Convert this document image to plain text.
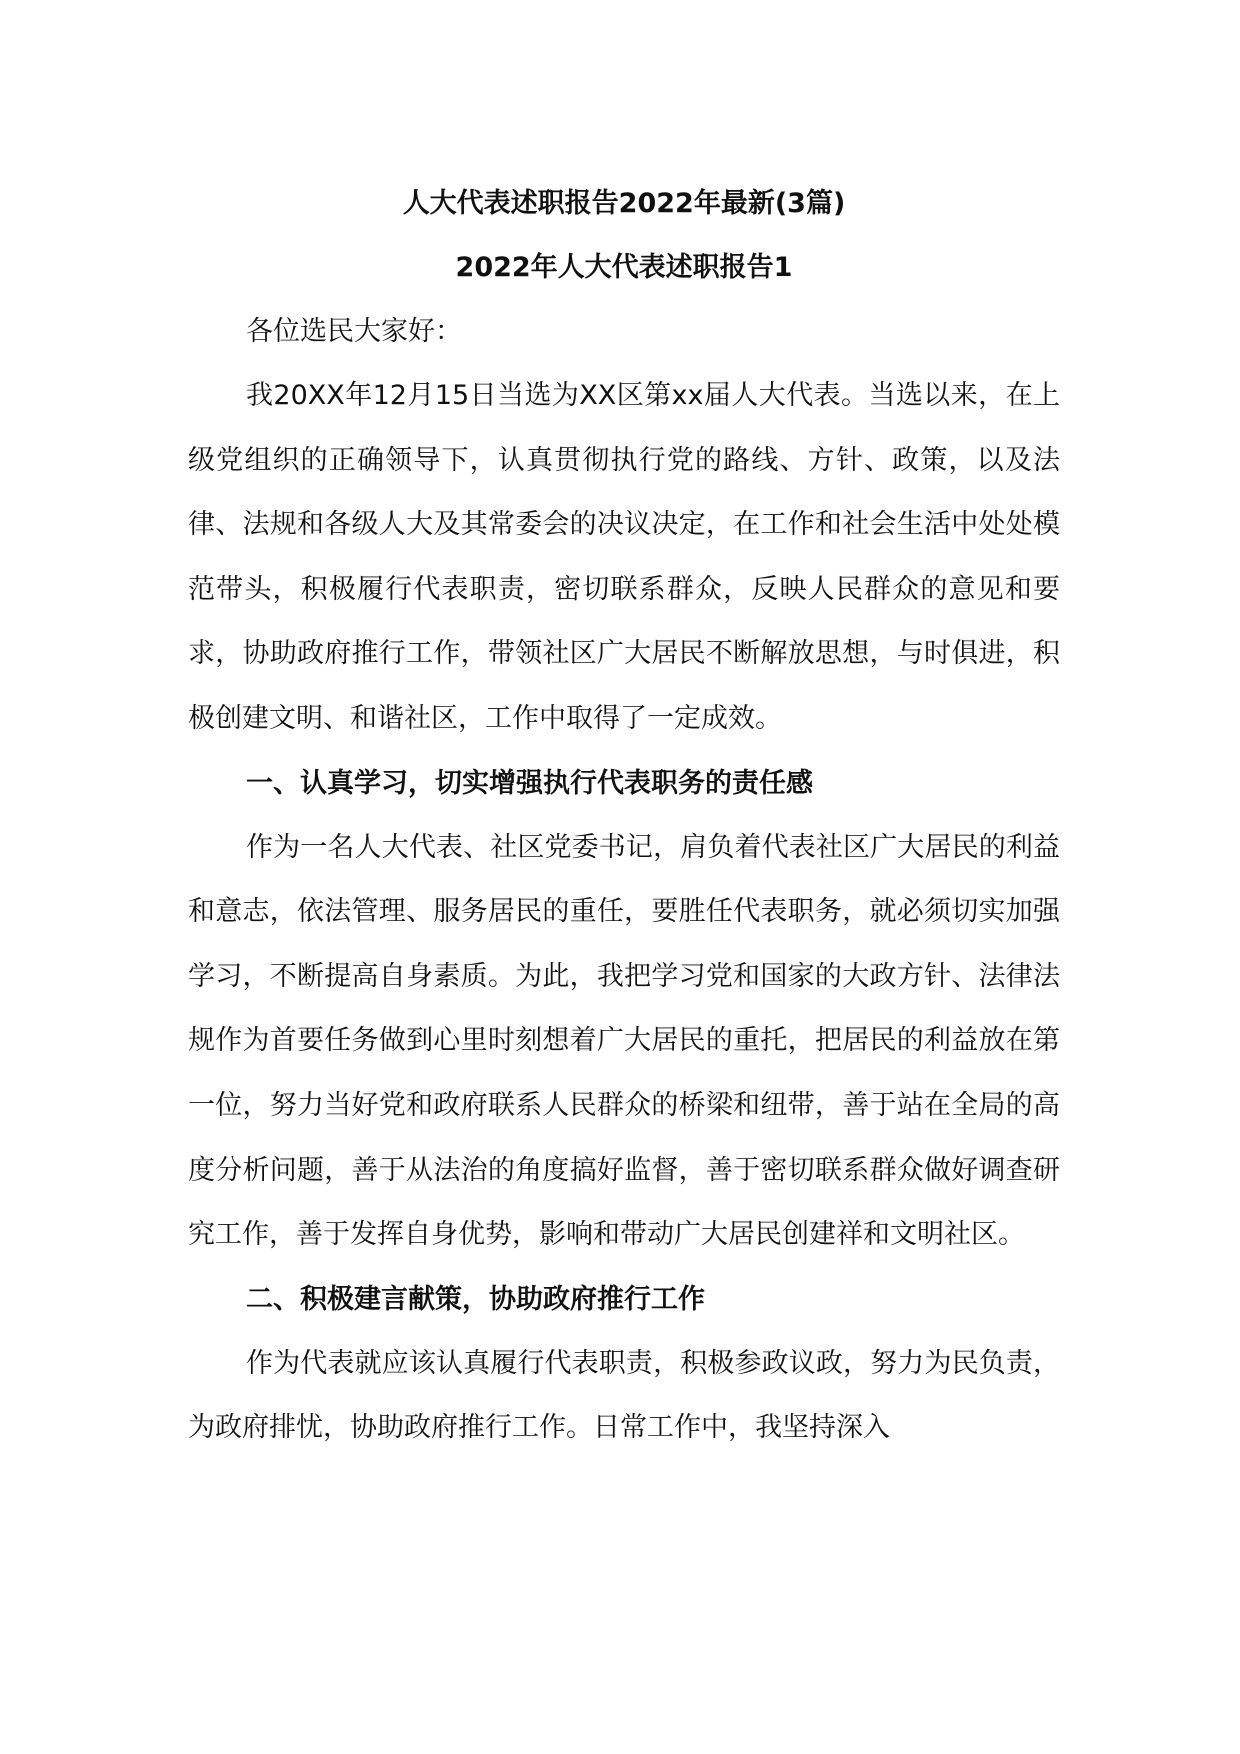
人大代表述职报告2022年最新(3篇)
2022年人大代表述职报告1

各位选民大家好：

我20XX年12月15日当选为XX区第xx届人大代表。当选以来，在上级党组织的正确领导下，认真贯彻执行党的路线、方针、政策，以及法律、法规和各级人大及其常委会的决议决定，在工作和社会生活中处处模范带头，积极履行代表职责，密切联系群众，反映人民群众的意见和要求，协助政府推行工作，带领社区广大居民不断解放思想，与时俱进，积极创建文明、和谐社区，工作中取得了一定成效。

一、认真学习，切实增强执行代表职务的责任感

作为一名人大代表、社区党委书记，肩负着代表社区广大居民的利益和意志，依法管理、服务居民的重任，要胜任代表职务，就必须切实加强学习，不断提高自身素质。为此，我把学习党和国家的大政方针、法律法规作为首要任务做到心里时刻想着广大居民的重托，把居民的利益放在第一位，努力当好党和政府联系人民群众的桥梁和纽带，善于站在全局的高度分析问题，善于从法治的角度搞好监督，善于密切联系群众做好调查研究工作，善于发挥自身优势，影响和带动广大居民创建祥和文明社区。

二、积极建言献策，协助政府推行工作

作为代表就应该认真履行代表职责，积极参政议政，努力为民负责，为政府排忧，协助政府推行工作。日常工作中，我坚持深入
